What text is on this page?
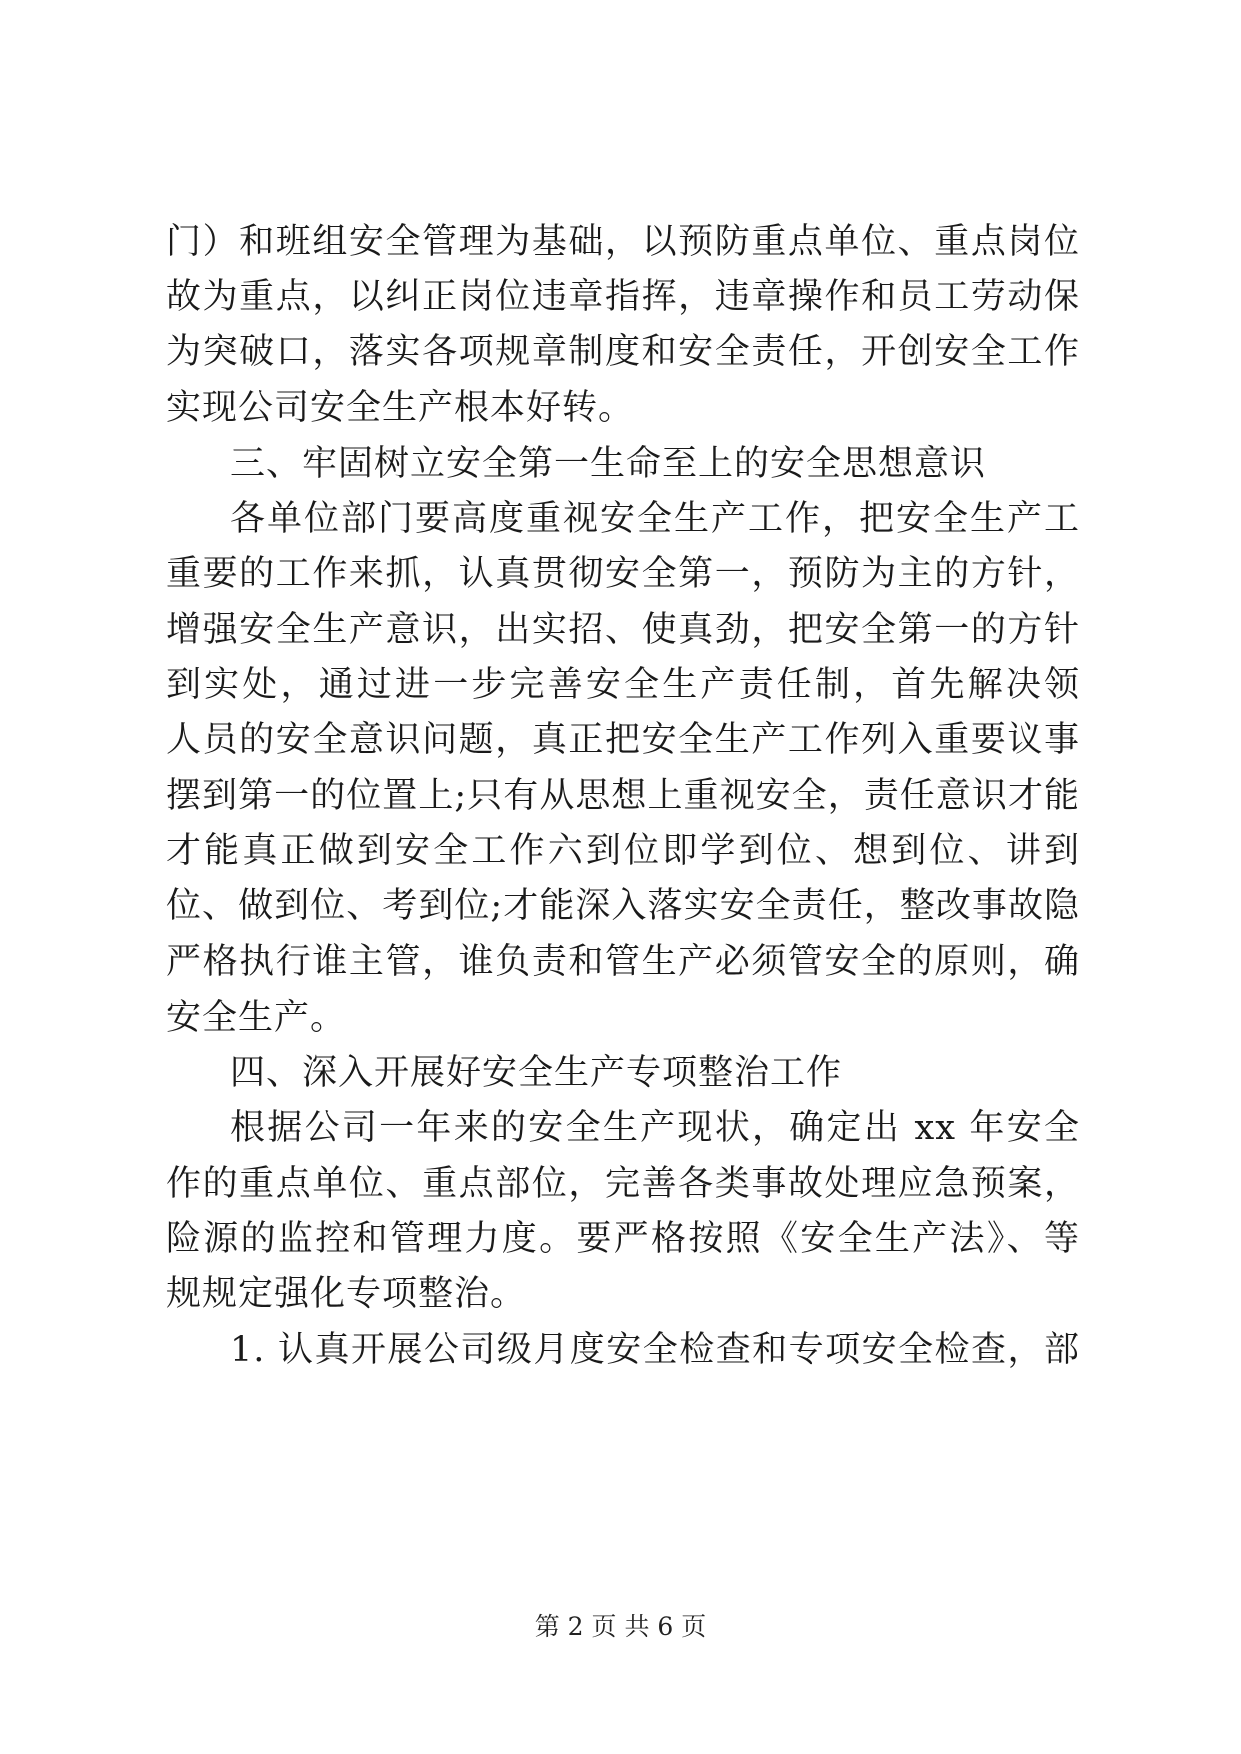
门）和班组安全管理为基础，以预防重点单位、重点岗位
故为重点，以纠正岗位违章指挥，违章操作和员工劳动保
为突破口，落实各项规章制度和安全责任，开创安全工作
实现公司安全生产根本好转。
三、牢固树立安全第一生命至上的安全思想意识
各单位部门要高度重视安全生产工作，把安全生产工
重要的工作来抓，认真贯彻安全第一，预防为主的方针，
增强安全生产意识，出实招、使真劲，把安全第一的方针
到实处，通过进一步完善安全生产责任制，首先解决领
人员的安全意识问题，真正把安全生产工作列入重要议事
摆到第一的位置上;只有从思想上重视安全，责任意识才能
才能真正做到安全工作六到位即学到位、想到位、讲到
位、做到位、考到位;才能深入落实安全责任，整改事故隐
严格执行谁主管，谁负责和管生产必须管安全的原则，确
安全生产。
四、深入开展好安全生产专项整治工作
根据公司一年来的安全生产现状，确定出 xx 年安全
作的重点单位、重点部位，完善各类事故处理应急预案，
险源的监控和管理力度。要严格按照《安全生产法》、等
规规定强化专项整治。
1. 认真开展公司级月度安全检查和专项安全检查，部
第 2 页 共 6 页
